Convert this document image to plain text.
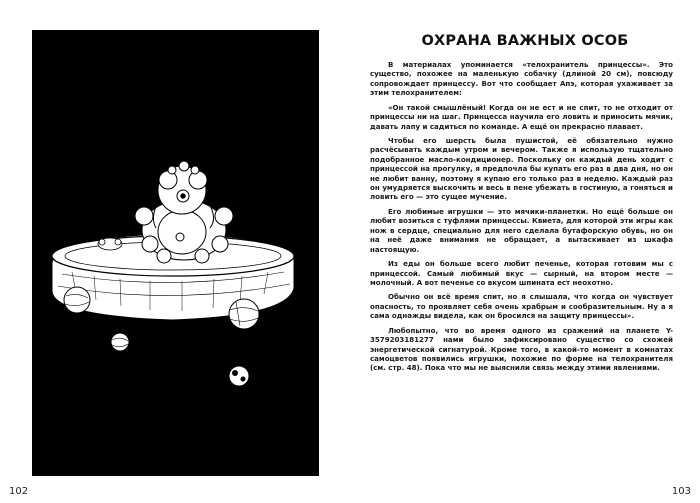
102
ОХРАНА ВАЖНЫХ ОСОБ

В материалах упоминается «телохранитель принцессы». Это существо, похожее на маленькую собачку (длиной 20 см), повсюду сопровождает принцессу. Вот что сообщает Апэ, которая ухаживает за этим телохранителем:

«Он такой смышлёный! Когда он не ест и не спит, то не отходит от принцессы ни на шаг. Принцесса научила его ловить и приносить мячик, давать лапу и садиться по команде. А ещё он прекрасно плавает.

Чтобы его шерсть была пушистой, её обязательно нужно расчёсывать каждым утром и вечером. Также я использую тщательно подобранное масло-кондиционер. Поскольку он каждый день ходит с принцессой на прогулку, я предпочла бы купать его раз в два дня, но он не любит ванну, поэтому я купаю его только раз в неделю. Каждый раз он умудряется выскочить и весь в пене убежать в гостиную, а гоняться и ловить его — это сущее мучение.

Его любимые игрушки — это мячики-планетки. Но ещё больше он любит возиться с туфлями принцессы. Квиета, для которой эти игры как нож в сердце, специально для него сделала бутафорскую обувь, но он на неё даже внимания не обращает, а вытаскивает из шкафа настоящую.

Из еды он больше всего любит печенье, которая готовим мы с принцессой. Самый любимый вкус — сырный, на втором месте — молочный. А вот печенье со вкусом шпината ест неохотно.

Обычно он всё время спит, но я слышала, что когда он чувствует опасность, то проявляет себя очень храбрым и сообразительным. Ну а я сама однажды видела, как он бросился на защиту принцессы».

Любопытно, что во время одного из сражений на планете Y-3579203181277 нами было зафиксировано существо со схожей энергетической сигнатурой. Кроме того, в какой-то момент в комнатах самоцветов появились игрушки, похожие по форме на телохранителя (см. стр. 48). Пока что мы не выяснили связь между этими явлениями.

103
